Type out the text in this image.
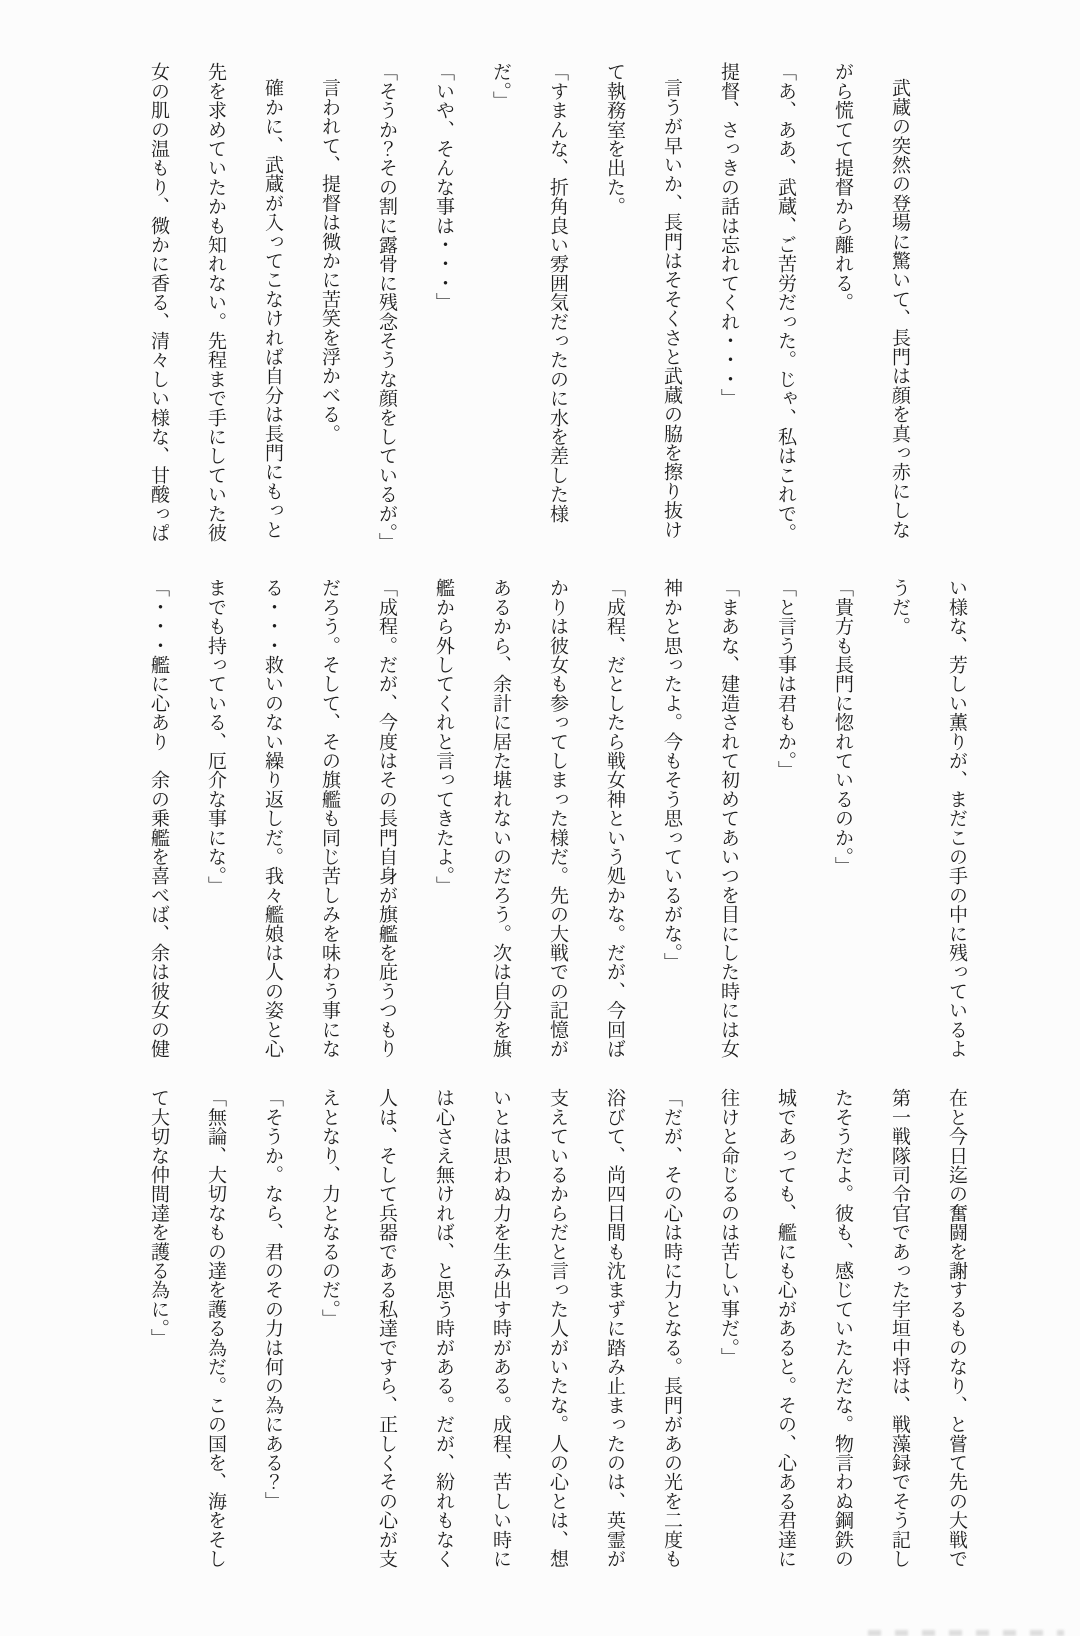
武蔵の突然の登場に驚いて、長門は顔を真っ赤にしな
がら慌てて提督から離れる。
「あ、ああ、武蔵、ご苦労だった。じゃ、私はこれで。
提督、さっきの話は忘れてくれ・・・」
言うが早いか、長門はそそくさと武蔵の脇を擦り抜け
て執務室を出た。
「すまんな、折角良い雰囲気だったのに水を差した様
だ。」
「いや、そんな事は・・・」
「そうか？その割に露骨に残念そうな顔をしているが。」
言われて、提督は微かに苦笑を浮かべる。
確かに、武蔵が入ってこなければ自分は長門にもっと
先を求めていたかも知れない。先程まで手にしていた彼
女の肌の温もり、微かに香る、清々しい様な、甘酸っぱ
い様な、芳しい薫りが、まだこの手の中に残っているよ
うだ。
「貴方も長門に惚れているのか。」
「と言う事は君もか。」
「まあな、建造されて初めてあいつを目にした時には女
神かと思ったよ。今もそう思っているがな。」
「成程、だとしたら戦女神という処かな。だが、今回ば
かりは彼女も参ってしまった様だ。先の大戦での記憶が
あるから、余計に居た堪れないのだろう。次は自分を旗
艦から外してくれと言ってきたよ。」
「成程。だが、今度はその長門自身が旗艦を庇うつもり
だろう。そして、その旗艦も同じ苦しみを味わう事にな
る・・・救いのない繰り返しだ。我々艦娘は人の姿と心
までも持っている、厄介な事にな。」
「・・・艦に心あり　余の乗艦を喜べば、余は彼女の健
在と今日迄の奮闘を謝するものなり、と嘗て先の大戦で
第一戦隊司令官であった宇垣中将は、戦藻録でそう記し
たそうだよ。彼も、感じていたんだな。物言わぬ鋼鉄の
城であっても、艦にも心があると。その、心ある君達に
往けと命じるのは苦しい事だ。」
「だが、その心は時に力となる。長門があの光を二度も
浴びて、尚四日間も沈まずに踏み止まったのは、英霊が
支えているからだと言った人がいたな。人の心とは、想
いとは思わぬ力を生み出す時がある。成程、苦しい時に
は心さえ無ければ、と思う時がある。だが、紛れもなく
人は、そして兵器である私達ですら、正しくその心が支
えとなり、力となるのだ。」
「そうか。なら、君のその力は何の為にある？」
「無論、大切なもの達を護る為だ。この国を、海をそし
て大切な仲間達を護る為に。」
